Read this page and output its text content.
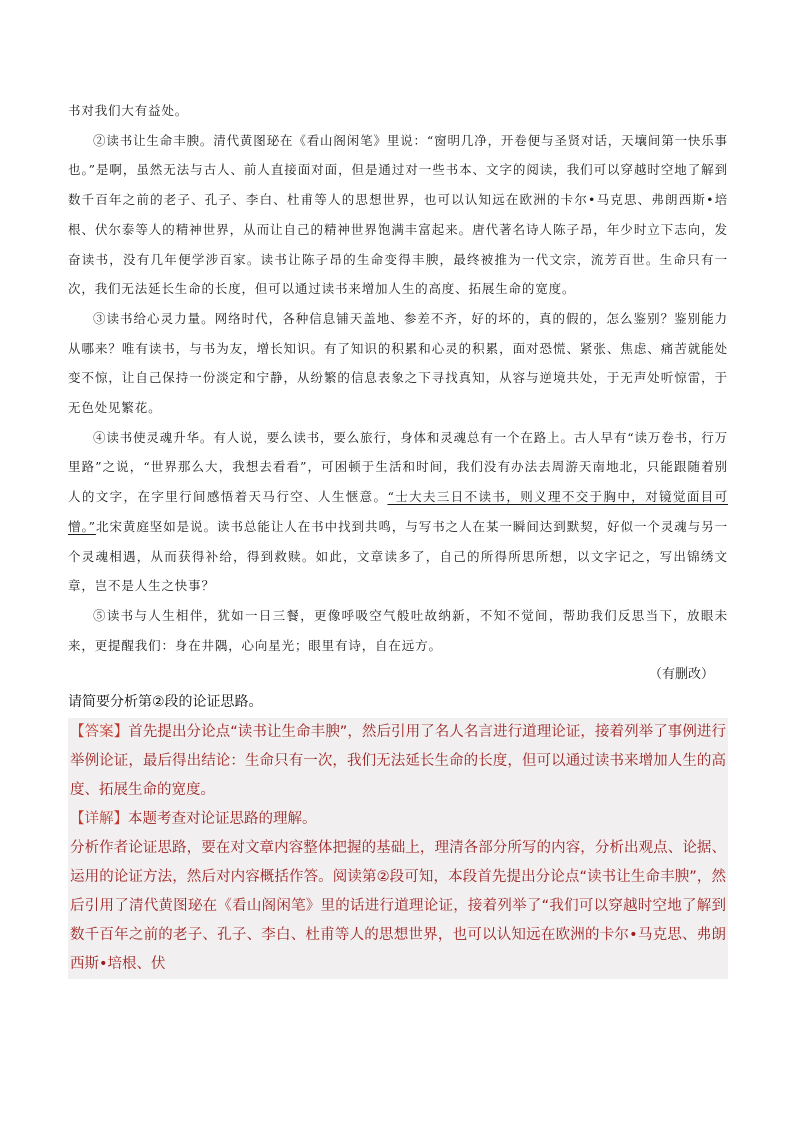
书对我们大有益处。

②读书让生命丰腴。清代黄图珌在《看山阁闲笔》里说：“窗明几净，开卷便与圣贤对话，天壤间第一快乐事也。”是啊，虽然无法与古人、前人直接面对面，但是通过对一些书本、文字的阅读，我们可以穿越时空地了解到数千百年之前的老子、孔子、李白、杜甫等人的思想世界，也可以认知远在欧洲的卡尔•马克思、弗朗西斯•培根、伏尔泰等人的精神世界，从而让自己的精神世界饱满丰富起来。唐代著名诗人陈子昂，年少时立下志向，发奋读书，没有几年便学涉百家。读书让陈子昂的生命变得丰腴，最终被推为一代文宗，流芳百世。生命只有一次，我们无法延长生命的长度，但可以通过读书来增加人生的高度、拓展生命的宽度。

③读书给心灵力量。网络时代，各种信息铺天盖地、参差不齐，好的坏的，真的假的，怎么鉴别？鉴别能力从哪来？唯有读书，与书为友，增长知识。有了知识的积累和心灵的积累，面对恐慌、紧张、焦虑、痛苦就能处变不惊，让自己保持一份淡定和宁静，从纷繁的信息表象之下寻找真知，从容与逆境共处，于无声处听惊雷，于无色处见繁花。

④读书使灵魂升华。有人说，要么读书，要么旅行，身体和灵魂总有一个在路上。古人早有“读万卷书，行万里路”之说，“世界那么大，我想去看看”，可困顿于生活和时间，我们没有办法去周游天南地北，只能跟随着别人的文字，在字里行间感悟着天马行空、人生惬意。“士大夫三日不读书，则义理不交于胸中，对镜觉面目可憎。”北宋黄庭坚如是说。读书总能让人在书中找到共鸣，与写书之人在某一瞬间达到默契，好似一个灵魂与另一个灵魂相遇，从而获得补给，得到救赎。如此，文章读多了，自己的所得所思所想，以文字记之，写出锦绣文章，岂不是人生之快事？

⑤读书与人生相伴，犹如一日三餐，更像呼吸空气般吐故纳新，不知不觉间，帮助我们反思当下，放眼未来，更提醒我们：身在井隅，心向星光；眼里有诗，自在远方。

（有删改）

请简要分析第②段的论证思路。

【答案】首先提出分论点“读书让生命丰腴”，然后引用了名人名言进行道理论证，接着列举了事例进行举例论证，最后得出结论：生命只有一次，我们无法延长生命的长度，但可以通过读书来增加人生的高度、拓展生命的宽度。
【详解】本题考查对论证思路的理解。
分析作者论证思路，要在对文章内容整体把握的基础上，理清各部分所写的内容，分析出观点、论据、运用的论证方法，然后对内容概括作答。阅读第②段可知，本段首先提出分论点“读书让生命丰腴”，然后引用了清代黄图珌在《看山阁闲笔》里的话进行道理论证，接着列举了“我们可以穿越时空地了解到数千百年之前的老子、孔子、李白、杜甫等人的思想世界，也可以认知远在欧洲的卡尔•马克思、弗朗西斯•培根、伏
